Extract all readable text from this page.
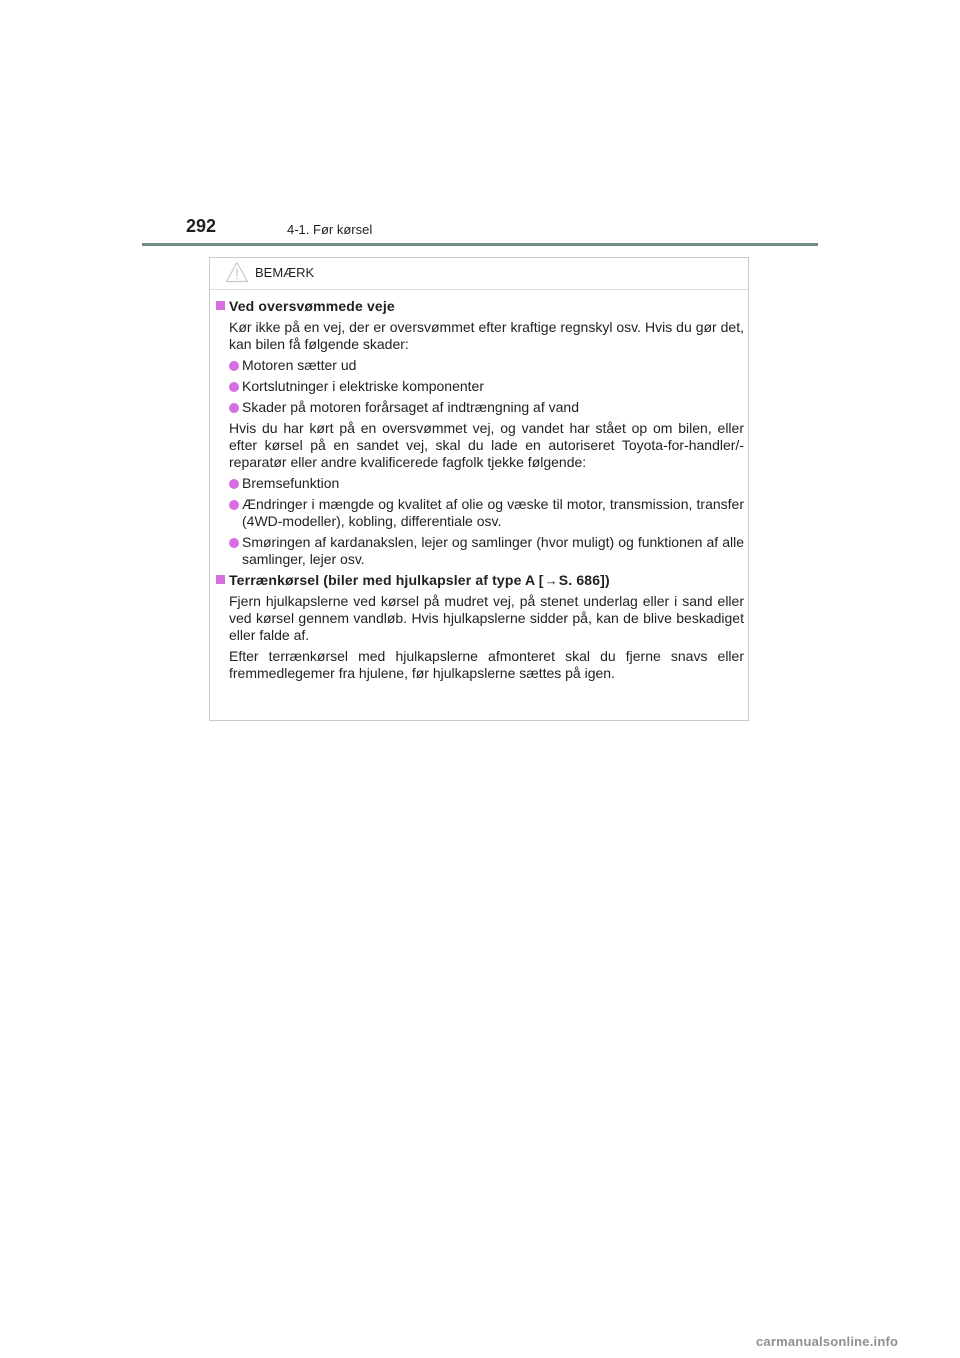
292	4-1. Før kørsel
BEMÆRK
Ved oversvømmede veje

Kør ikke på en vej, der er oversvømmet efter kraftige regnskyl osv. Hvis du gør det, kan bilen få følgende skader:

Motoren sætter ud
Kortslutninger i elektriske komponenter
Skader på motoren forårsaget af indtrængning af vand

Hvis du har kørt på en oversvømmet vej, og vandet har stået op om bilen, eller efter kørsel på en sandet vej, skal du lade en autoriseret Toyota-for-handler/-reparatør eller andre kvalificerede fagfolk tjekke følgende:

Bremsefunktion
Ændringer i mængde og kvalitet af olie og væske til motor, transmission, transfer (4WD-modeller), kobling, differentiale osv.
Smøringen af kardanakslen, lejer og samlinger (hvor muligt) og funktionen af alle samlinger, lejer osv.
Terrænkørsel (biler med hjulkapsler af type A [→S. 686])

Fjern hjulkapslerne ved kørsel på mudret vej, på stenet underlag eller i sand eller ved kørsel gennem vandløb. Hvis hjulkapslerne sidder på, kan de blive beskadiget eller falde af.

Efter terrænkørsel med hjulkapslerne afmonteret skal du fjerne snavs eller fremmedlegemer fra hjulene, før hjulkapslerne sættes på igen.

carmanualsonline.info
